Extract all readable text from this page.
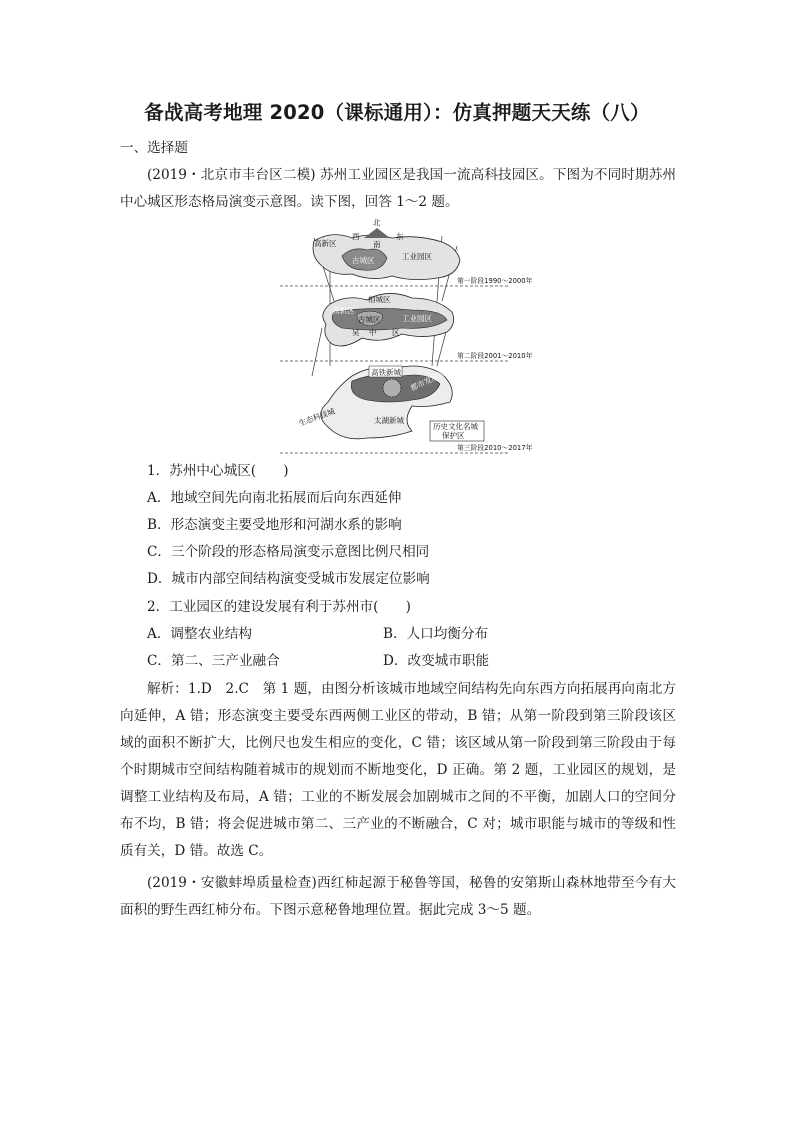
备战高考地理 2020（课标通用）：仿真押题天天练（八）
一、选择题
(2019・北京市丰台区二模) 苏州工业园区是我国一流高科技园区。下图为不同时期苏州中心城区形态格局演变示意图。读下图，回答 1～2 题。
北
西	东
南
高新区
古城区	工业园区
第一阶段1990～2000年
相城区
高新区
古城区	工业园区
吴 中 区
第二阶段2001～2010年
高铁新城 都市发展带
生态科技城	太湖新城
历史文化名城
保护区
第三阶段2010～2017年
1．苏州中心城区(　　)
A．地域空间先向南北拓展而后向东西延伸
B．形态演变主要受地形和河湖水系的影响
C．三个阶段的形态格局演变示意图比例尺相同
D．城市内部空间结构演变受城市发展定位影响
2．工业园区的建设发展有利于苏州市(　　)
A．调整农业结构	B．人口均衡分布
C．第二、三产业融合	D．改变城市职能
解析：1.D　2.C　第 1 题，由图分析该城市地域空间结构先向东西方向拓展再向南北方向延伸，A 错；形态演变主要受东西两侧工业区的带动，B 错；从第一阶段到第三阶段该区域的面积不断扩大，比例尺也发生相应的变化，C 错；该区域从第一阶段到第三阶段由于每个时期城市空间结构随着城市的规划而不断地变化，D 正确。第 2 题，工业园区的规划，是调整工业结构及布局，A 错；工业的不断发展会加剧城市之间的不平衡，加剧人口的空间分布不均，B 错；将会促进城市第二、三产业的不断融合，C 对；城市职能与城市的等级和性质有关，D 错。故选 C。
(2019・安徽蚌埠质量检查)西红柿起源于秘鲁等国，秘鲁的安第斯山森林地带至今有大面积的野生西红柿分布。下图示意秘鲁地理位置。据此完成 3～5 题。
